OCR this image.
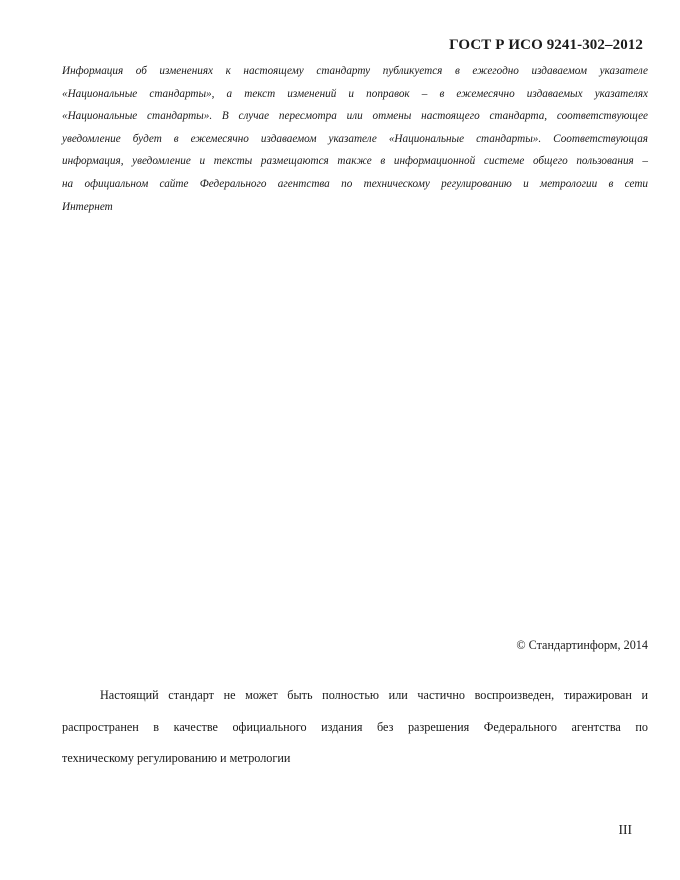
ГОСТ Р ИСО 9241-302–2012
Информация об изменениях к настоящему стандарту публикуется в ежегодно издаваемом указателе
«Национальные стандарты», а текст изменений и поправок – в ежемесячно издаваемых указателях
«Национальные стандарты». В случае пересмотра или отмены настоящего стандарта, соответствующее
уведомление будет в ежемесячно издаваемом указателе «Национальные стандарты». Соответствующая
информация, уведомление и тексты размещаются также в информационной системе общего пользования –
на официальном сайте Федерального агентства по техническому регулированию и метрологии в сети
Интернет
© Стандартинформ, 2014
Настоящий стандарт не может быть полностью или частично воспроизведен, тиражирован и
распространен в качестве официального издания без разрешения Федерального агентства по
техническому регулированию и метрологии
III
